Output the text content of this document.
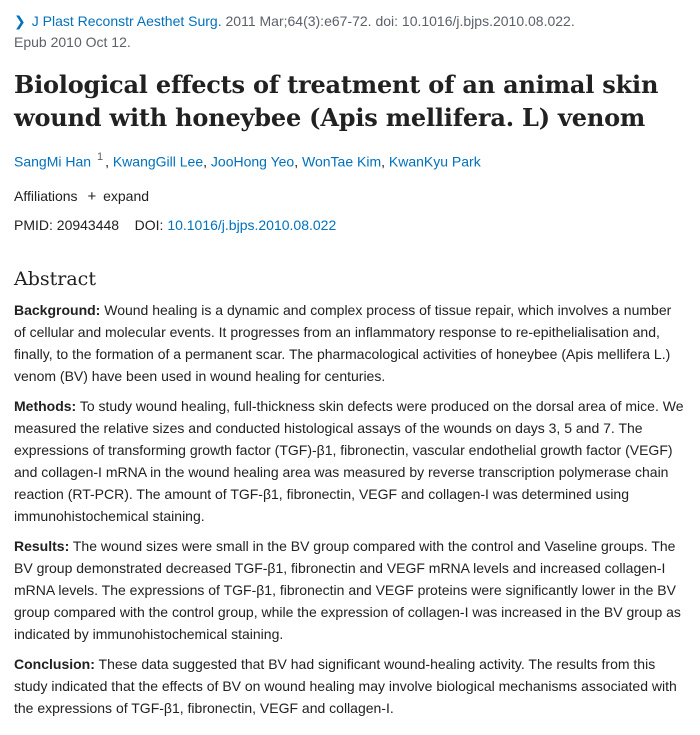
❯ J Plast Reconstr Aesthet Surg. 2011 Mar;64(3):e67-72. doi: 10.1016/j.bjps.2010.08.022.
Epub 2010 Oct 12.
Biological effects of treatment of an animal skin wound with honeybee (Apis mellifera. L) venom
SangMi Han $^1$ , KwangGill Lee, JooHong Yeo, WonTae Kim, KwanKyu Park
Affiliations + expand
PMID: 20943448 DOI: 10.1016/j.bjps.2010.08.022
Abstract

Background: Wound healing is a dynamic and complex process of tissue repair, which involves a number of cellular and molecular events. It progresses from an inflammatory response to re-epithelialisation and, finally, to the formation of a permanent scar. The pharmacological activities of honeybee (Apis mellifera L.) venom (BV) have been used in wound healing for centuries.

Methods: To study wound healing, full-thickness skin defects were produced on the dorsal area of mice. We measured the relative sizes and conducted histological assays of the wounds on days 3, 5 and 7. The expressions of transforming growth factor (TGF)-β1, fibronectin, vascular endothelial growth factor (VEGF) and collagen-I mRNA in the wound healing area was measured by reverse transcription polymerase chain reaction (RT-PCR). The amount of TGF-β1, fibronectin, VEGF and collagen-I was determined using immunohistochemical staining.

Results: The wound sizes were small in the BV group compared with the control and Vaseline groups. The BV group demonstrated decreased TGF-β1, fibronectin and VEGF mRNA levels and increased collagen-I mRNA levels. The expressions of TGF-β1, fibronectin and VEGF proteins were significantly lower in the BV group compared with the control group, while the expression of collagen-I was increased in the BV group as indicated by immunohistochemical staining.

Conclusion: These data suggested that BV had significant wound-healing activity. The results from this study indicated that the effects of BV on wound healing may involve biological mechanisms associated with the expressions of TGF-β1, fibronectin, VEGF and collagen-I.
